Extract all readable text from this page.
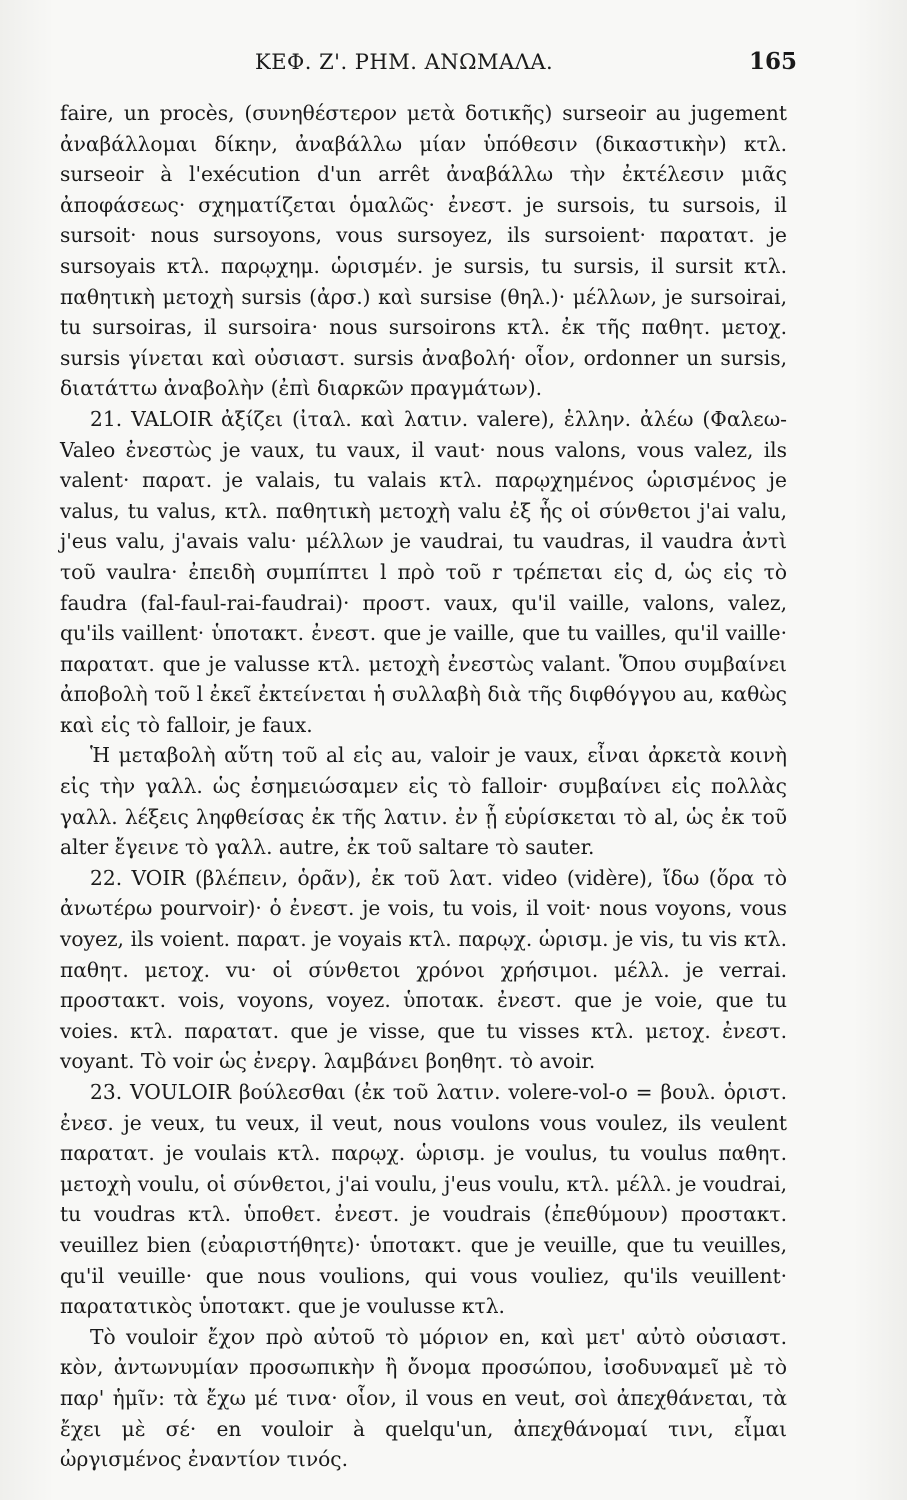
ΚΕΦ. Ζ'. ΡΗΜ. ΑΝΩΜΑΛΑ.	165

faire, un procès, (συνηθέστερον μετὰ δοτικῆς) surseoir au jugement ἀναβάλλομαι δίκην, ἀναβάλλω μίαν ὑπόθεσιν (δικαστικὴν) κτλ. surseoir à l'exécution d'un arrêt ἀναβάλλω τὴν ἐκτέλεσιν μιᾶς ἀποφάσεως· σχηματίζεται ὁμαλῶς· ἐνεστ. je sursois, tu sursois, il sursoit· nous sursoyons, vous sursoyez, ils sursoient· παρατατ. je sursoyais κτλ. παρῳχημ. ὡρισμέν. je sursis, tu sursis, il sursit κτλ. παθητικὴ μετοχὴ sursis (ἀρσ.) καὶ sursise (θηλ.)· μέλλων, je sursoirai, tu sursoiras, il sursoira· nous sursoirons κτλ. ἐκ τῆς παθητ. μετοχ. sursis γίνεται καὶ οὐσιαστ. sursis ἀναβολή· οἷον, ordonner un sursis, διατάττω ἀναβολὴν (ἐπὶ διαρκῶν πραγμάτων).

21. VALOIR ἀξίζει (ἰταλ. καὶ λατιν. valere), ἑλλην. ἀλέω (Φαλεω-Valeo ἐνεστὼς je vaux, tu vaux, il vaut· nous valons, vous valez, ils valent· παρατ. je valais, tu valais κτλ. παρῳχημένος ὡρισμένος je valus, tu valus, κτλ. παθητικὴ μετοχὴ valu ἐξ ἧς οἱ σύνθετοι j'ai valu, j'eus valu, j'avais valu· μέλλων je vaudrai, tu vaudras, il vaudra ἀντὶ τοῦ vaulra· ἐπειδὴ συμπίπτει l πρὸ τοῦ r τρέπεται εἰς d, ὡς εἰς τὸ faudra (fal-faul-rai-faudrai)· προστ. vaux, qu'il vaille, valons, valez, qu'ils vaillent· ὑποτακτ. ἐνεστ. que je vaille, que tu vailles, qu'il vaille· παρατατ. que je valusse κτλ. μετοχὴ ἐνεστὼς valant. Ὅπου συμβαίνει ἀποβολὴ τοῦ l ἐκεῖ ἐκτείνεται ἡ συλλαβὴ διὰ τῆς διφθόγγου au, καθὼς καὶ εἰς τὸ falloir, je faux.

Ἡ μεταβολὴ αὕτη τοῦ al εἰς au, valoir je vaux, εἶναι ἀρκετὰ κοινὴ εἰς τὴν γαλλ. ὡς ἐσημειώσαμεν εἰς τὸ falloir· συμβαίνει εἰς πολλὰς γαλλ. λέξεις ληφθείσας ἐκ τῆς λατιν. ἐν ᾗ εὑρίσκεται τὸ al, ὡς ἐκ τοῦ alter ἔγεινε τὸ γαλλ. autre, ἐκ τοῦ saltare τὸ sauter.

22. VOIR (βλέπειν, ὁρᾶν), ἐκ τοῦ λατ. video (vidère), ἴδω (ὅρα τὸ ἀνωτέρω pourvoir)· ὁ ἐνεστ. je vois, tu vois, il voit· nous voyons, vous voyez, ils voient. παρατ. je voyais κτλ. παρῳχ. ὡρισμ. je vis, tu vis κτλ. παθητ. μετοχ. vu· οἱ σύνθετοι χρόνοι χρήσιμοι. μέλλ. je verrai. προστακτ. vois, voyons, voyez. ὑποτακ. ἐνεστ. que je voie, que tu voies. κτλ. παρατατ. que je visse, que tu visses κτλ. μετοχ. ἐνεστ. voyant. Τὸ voir ὡς ἐνεργ. λαμβάνει βοηθητ. τὸ avoir.

23. VOULOIR βούλεσθαι (ἐκ τοῦ λατιν. volere-vol-o = βουλ. ὁριστ. ἐνεσ. je veux, tu veux, il veut, nous voulons vous voulez, ils veulent παρατατ. je voulais κτλ. παρῳχ. ὡρισμ. je voulus, tu voulus παθητ. μετοχὴ voulu, οἱ σύνθετοι, j'ai voulu, j'eus voulu, κτλ. μέλλ. je voudrai, tu voudras κτλ. ὑποθετ. ἐνεστ. je voudrais (ἐπεθύμουν) προστακτ. veuillez bien (εὐαριστήθητε)· ὑποτακτ. que je veuille, que tu veuilles, qu'il veuille· que nous voulions, qui vous vouliez, qu'ils veuillent· παρατατικὸς ὑποτακτ. que je voulusse κτλ.

Τὸ vouloir ἔχον πρὸ αὐτοῦ τὸ μόριον en, καὶ μετ' αὐτὸ οὐσιαστ. κὸν, ἀντωνυμίαν προσωπικὴν ἢ ὄνομα προσώπου, ἰσοδυναμεῖ μὲ τὸ παρ' ἡμῖν: τὰ ἔχω μέ τινα· οἷον, il vous en veut, σοὶ ἀπεχθάνεται, τὰ ἔχει μὲ σέ· en vouloir à quelqu'un, ἀπεχθάνομαί τινι, εἶμαι ὠργισμένος ἐναντίον τινός.
